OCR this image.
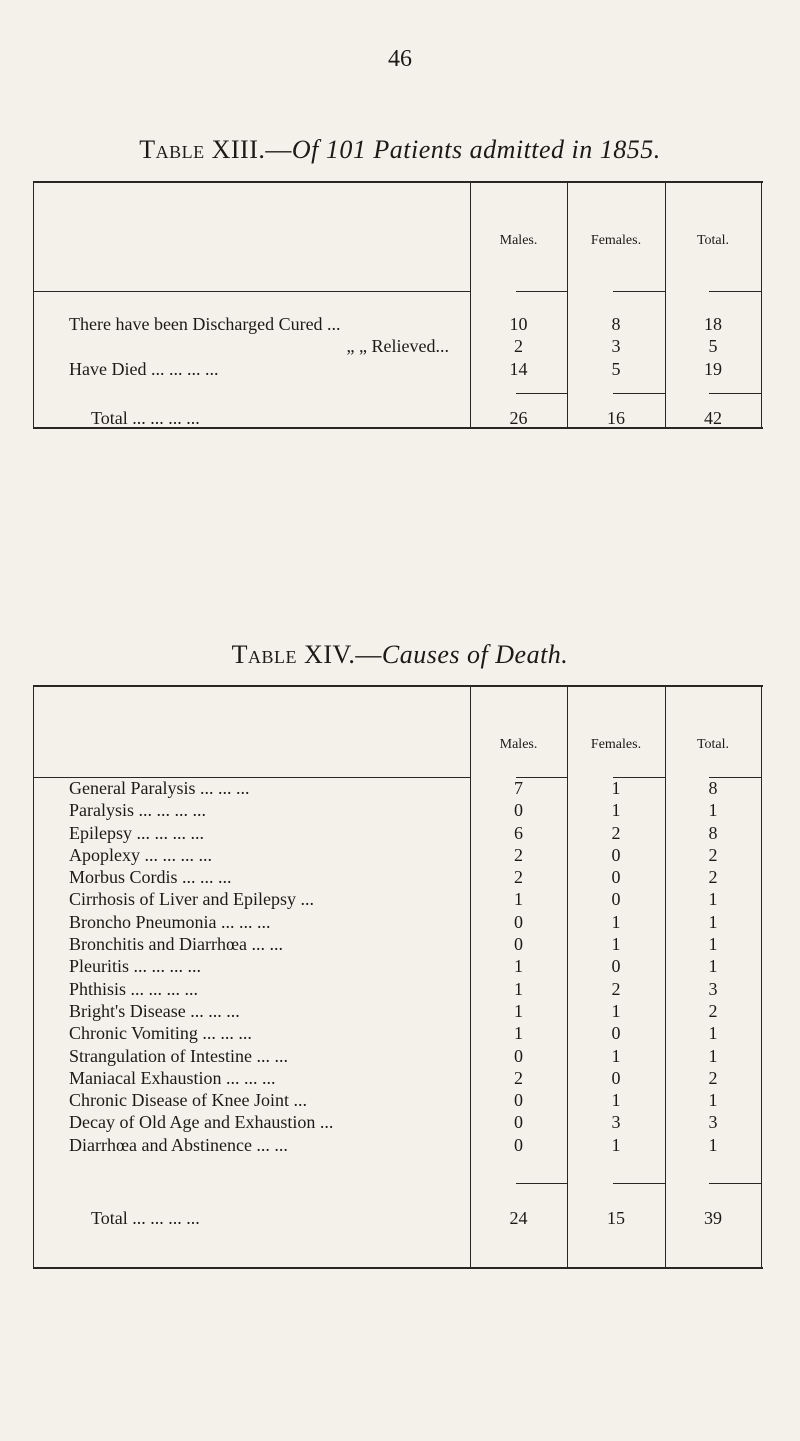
46
Table XIII.—Of 101 Patients admitted in 1855.
Males.	Females.	Total.
There have been Discharged Cured ...	10	8	18
„ „ Relieved...	2	3	5
Have Died ... ... ... ...	14	5	19
Total ... ... ... ...	26	16	42
Table XIV.—Causes of Death.
Males.	Females.	Total.
General Paralysis ... ... ...	7	1	8
Paralysis ... ... ... ...	0	1	1
Epilepsy ... ... ... ...	6	2	8
Apoplexy ... ... ... ...	2	0	2
Morbus Cordis ... ... ...	2	0	2
Cirrhosis of Liver and Epilepsy ...	1	0	1
Broncho Pneumonia ... ... ...	0	1	1
Bronchitis and Diarrhœa ... ...	0	1	1
Pleuritis ... ... ... ...	1	0	1
Phthisis ... ... ... ...	1	2	3
Bright's Disease ... ... ...	1	1	2
Chronic Vomiting ... ... ...	1	0	1
Strangulation of Intestine ... ...	0	1	1
Maniacal Exhaustion ... ... ...	2	0	2
Chronic Disease of Knee Joint ...	0	1	1
Decay of Old Age and Exhaustion ...	0	3	3
Diarrhœa and Abstinence ... ...	0	1	1
Total ... ... ... ...	24	15	39
